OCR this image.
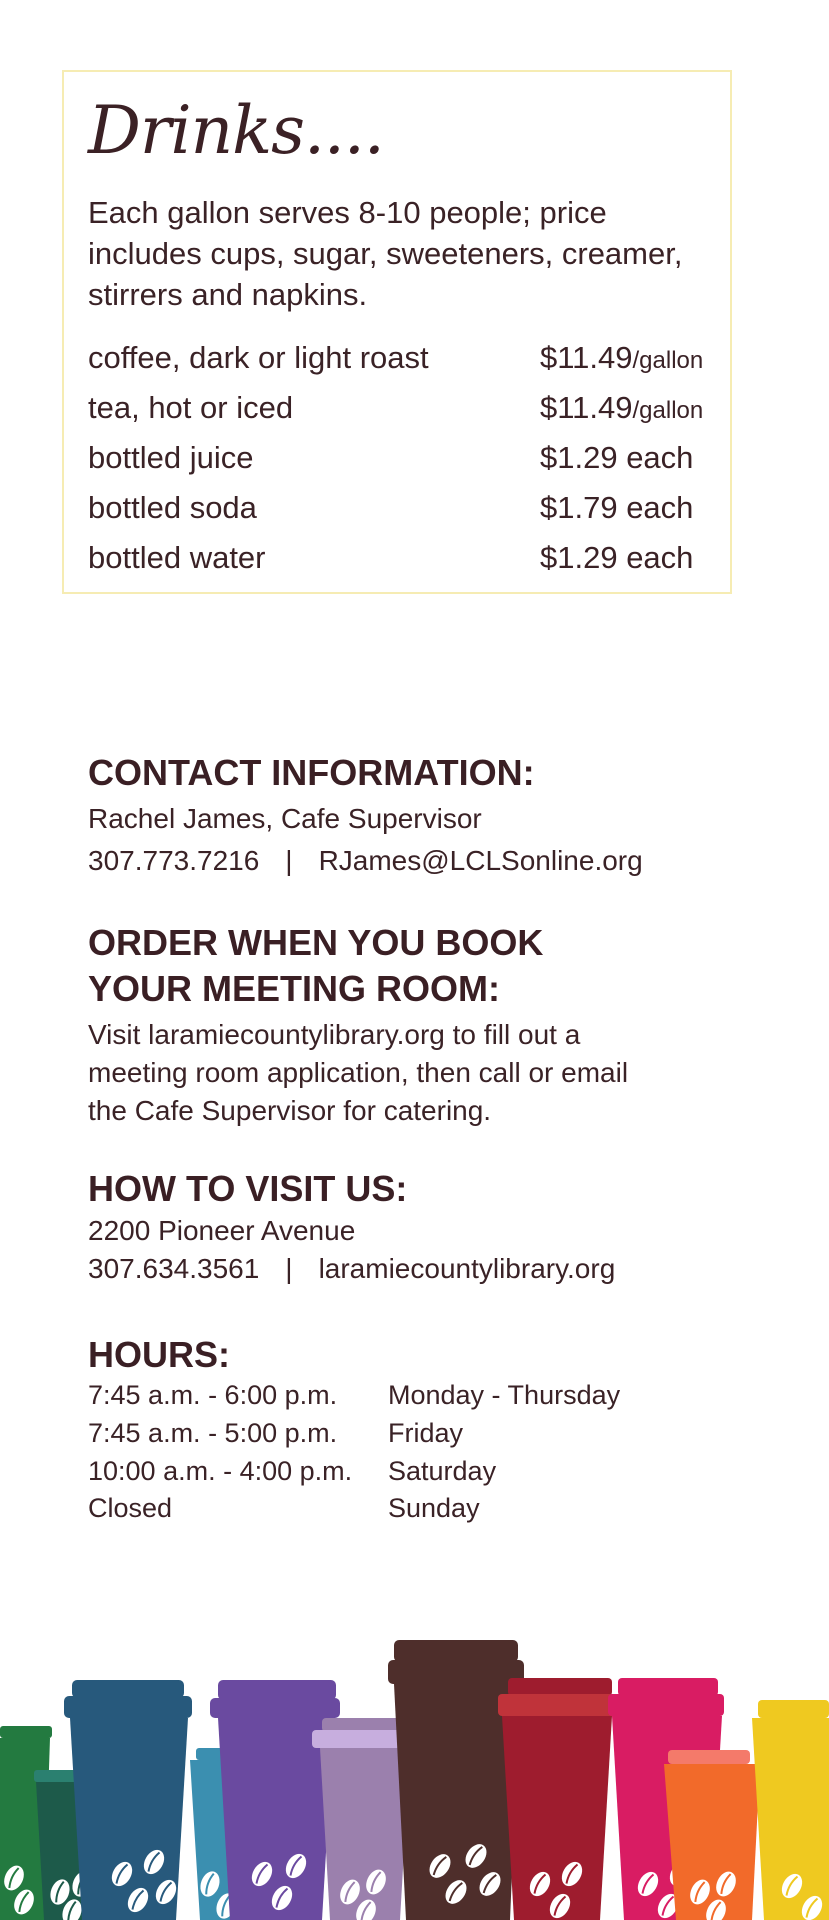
Drinks....
Each gallon serves 8-10 people; price includes cups, sugar, sweeteners, creamer, stirrers and napkins.
coffee, dark or light roast	$11.49/gallon
tea, hot or iced	$11.49/gallon
bottled juice	$1.29 each
bottled soda	$1.79 each
bottled water	$1.29 each
CONTACT INFORMATION:
Rachel James, Cafe Supervisor
307.773.7216 | RJames@LCLSonline.org
ORDER WHEN YOU BOOK
YOUR MEETING ROOM:
Visit laramiecountylibrary.org to fill out a
meeting room application, then call or email
the Cafe Supervisor for catering.
HOW TO VISIT US:
2200 Pioneer Avenue
307.634.3561 | laramiecountylibrary.org
HOURS:
7:45 a.m. - 6:00 p.m. Monday - Thursday
7:45 a.m. - 5:00 p.m. Friday
10:00 a.m. - 4:00 p.m. Saturday
Closed	Sunday
